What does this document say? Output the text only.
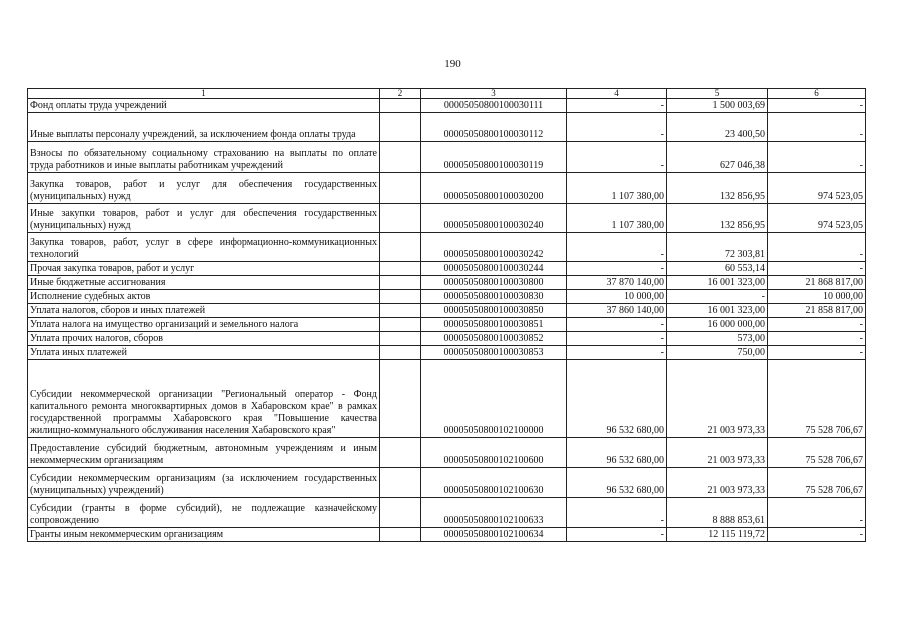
190
1	2	3	4	5	6
Фонд оплаты труда учреждений		00005050800100030111	-	1 500 003,69	-
Иные выплаты персоналу учреждений, за исключением фонда оплаты труда		00005050800100030112	-	23 400,50	-
Взносы по обязательному социальному страхованию на выплаты по оплате труда работников и иные выплаты работникам учреждений		00005050800100030119	-	627 046,38	-
Закупка товаров, работ и услуг для обеспечения государственных (муниципальных) нужд		00005050800100030200	1 107 380,00	132 856,95	974 523,05
Иные закупки товаров, работ и услуг для обеспечения государственных (муниципальных) нужд		00005050800100030240	1 107 380,00	132 856,95	974 523,05
Закупка товаров, работ, услуг в сфере информационно-коммуникационных технологий		00005050800100030242	-	72 303,81	-
Прочая закупка товаров, работ и услуг		00005050800100030244	-	60 553,14	-
Иные бюджетные ассигнования		00005050800100030800	37 870 140,00	16 001 323,00	21 868 817,00
Исполнение судебных актов		00005050800100030830	10 000,00	-	10 000,00
Уплата налогов, сборов и иных платежей		00005050800100030850	37 860 140,00	16 001 323,00	21 858 817,00
Уплата налога на имущество организаций и земельного налога		00005050800100030851	-	16 000 000,00	-
Уплата прочих налогов, сборов		00005050800100030852	-	573,00	-
Уплата иных платежей		00005050800100030853	-	750,00	-
Субсидии некоммерческой организации "Региональный оператор - Фонд капитального ремонта многоквартирных домов в Хабаровском крае" в рамках государственной программы Хабаровского края "Повышение качества жилищно-коммунального обслуживания населения Хабаровского края"		00005050800102100000	96 532 680,00	21 003 973,33	75 528 706,67
Предоставление субсидий бюджетным, автономным учреждениям и иным некоммерческим организациям		00005050800102100600	96 532 680,00	21 003 973,33	75 528 706,67
Субсидии некоммерческим организациям (за исключением государственных (муниципальных) учреждений)		00005050800102100630	96 532 680,00	21 003 973,33	75 528 706,67
Субсидии (гранты в форме субсидий), не подлежащие казначейскому сопровождению		00005050800102100633	-	8 888 853,61	-
Гранты иным некоммерческим организациям		00005050800102100634	-	12 115 119,72	-
